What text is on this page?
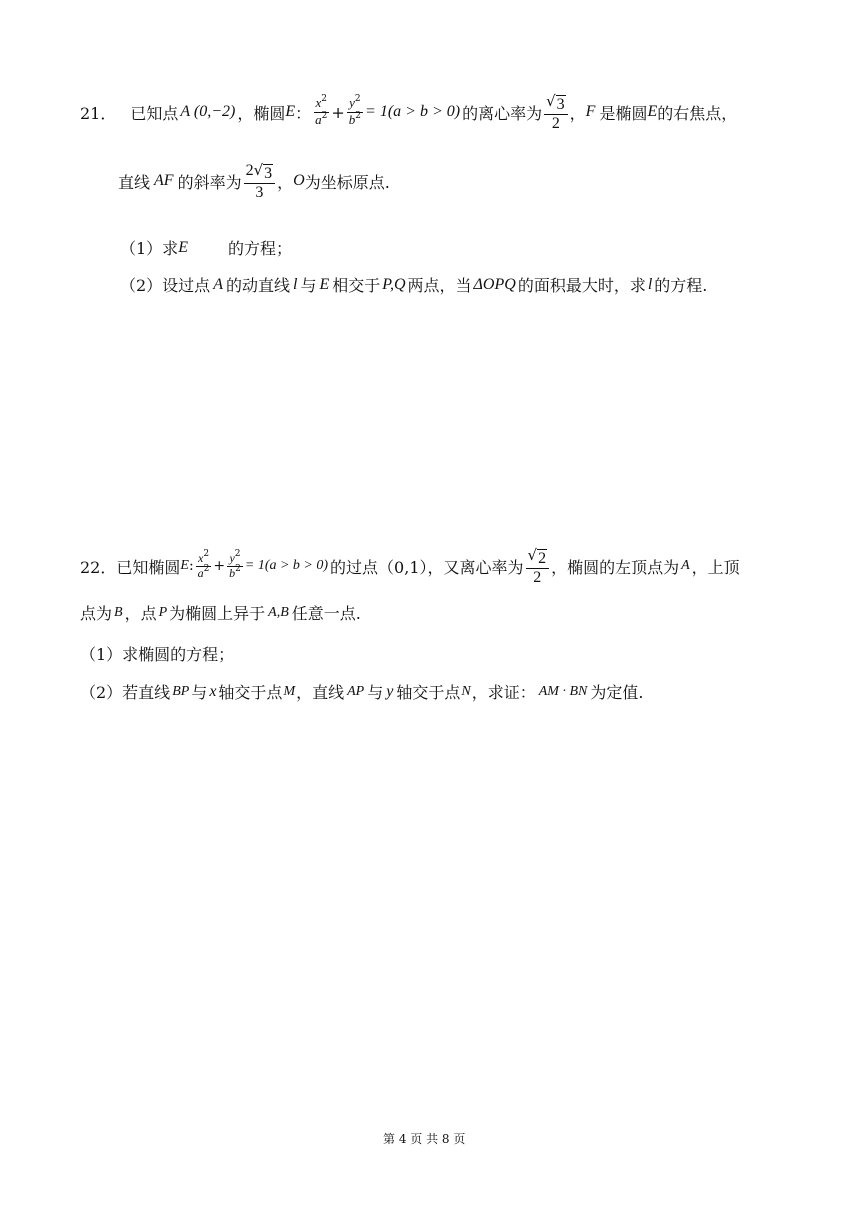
21． 已知点 A (0,−2) ，椭圆 E ： $\frac{x^2}{a^2} + \frac{y^2}{b^2} = 1(a > b > 0)$ 的离心率为 $\frac{√ 3}{2}$ ， F 是椭圆 E 的右焦点，
直线 AF 的斜率为 $\frac{2 √ 3}{3}$ ， O 为坐标原点.
（1）求 E	的方程；
（2）设过点 A 的动直线 l 与 E 相交于 P,Q 两点，当 ΔOPQ 的面积最大时，求 l 的方程.
22． 已知椭圆 E : $\frac{x^2}{a^2} + \frac{y^2}{b^2} = 1(a > b > 0)$ 的过点（0,1），又离心率为 $\frac{√ 2}{2}$ ，椭圆的左顶点为 A ，上顶
点为 B ，点 P 为椭圆上异于 A,B 任意一点.
（1）求椭圆的方程；
（2）若直线 BP 与 x 轴交于点 M ，直线 AP 与 y 轴交于点 N ，求证： AM · BN 为定值.
第 4 页 共 8 页
